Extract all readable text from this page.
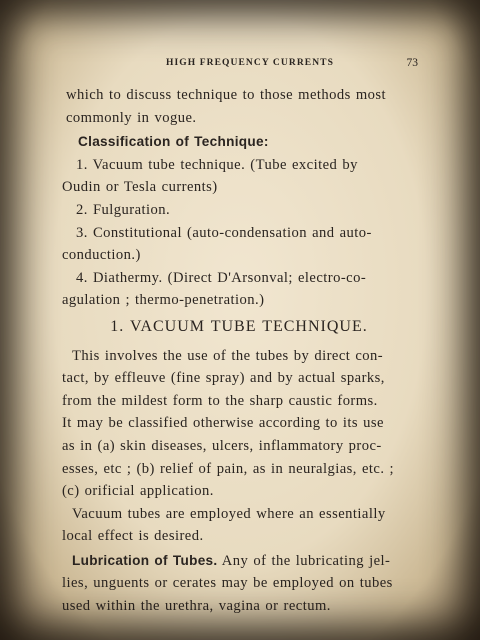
HIGH FREQUENCY CURRENTS	73
which to discuss technique to those methods most
commonly in vogue.
Classification of Technique:
1. Vacuum tube technique. (Tube excited by
Oudin or Tesla currents)
2. Fulguration.
3. Constitutional (auto-condensation and auto-
conduction.)
4. Diathermy. (Direct D'Arsonval; electro-co-
agulation ; thermo-penetration.)
1. VACUUM TUBE TECHNIQUE.
This involves the use of the tubes by direct con-
tact, by effleuve (fine spray) and by actual sparks,
from the mildest form to the sharp caustic forms.
It may be classified otherwise according to its use
as in (a) skin diseases, ulcers, inflammatory proc-
esses, etc ; (b) relief of pain, as in neuralgias, etc. ;
(c) orificial application.
Vacuum tubes are employed where an essentially
local effect is desired.
Lubrication of Tubes. Any of the lubricating jel-
lies, unguents or cerates may be employed on tubes
used within the urethra, vagina or rectum.
